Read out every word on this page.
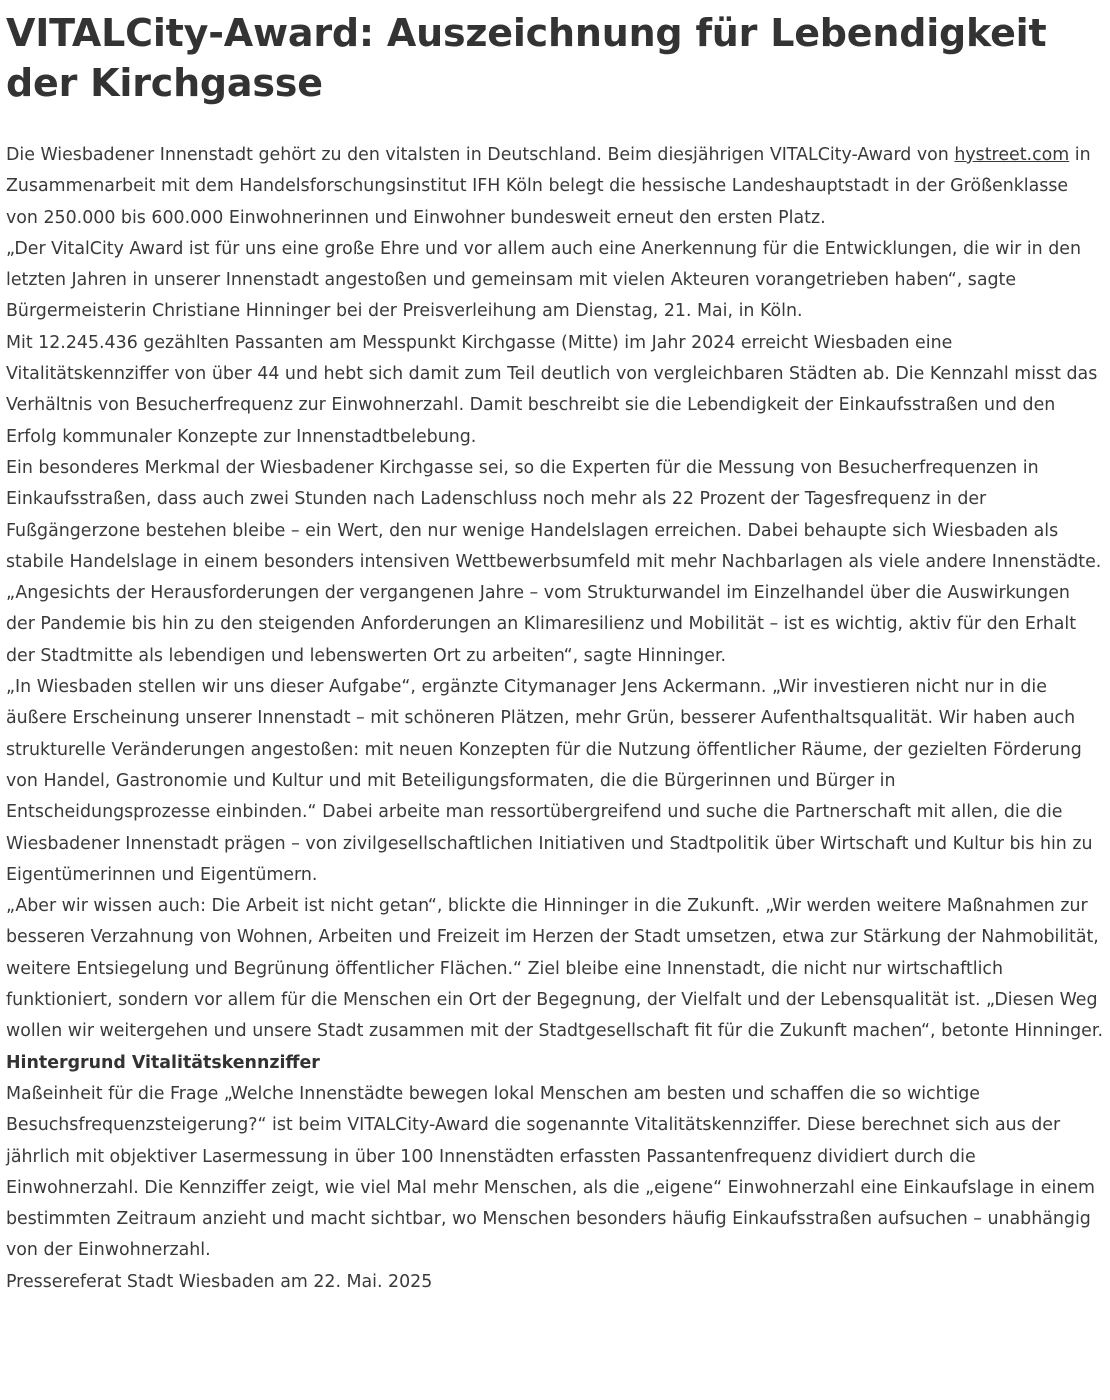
VITALCity-Award: Auszeichnung für Lebendigkeit der Kirchgasse

Die Wiesbadener Innenstadt gehört zu den vitalsten in Deutschland. Beim diesjährigen VITALCity-Award von hystreet.com in Zusammenarbeit mit dem Handelsforschungsinstitut IFH Köln belegt die hessische Landeshauptstadt in der Größenklasse von 250.000 bis 600.000 Einwohnerinnen und Einwohner bundesweit erneut den ersten Platz.

„Der VitalCity Award ist für uns eine große Ehre und vor allem auch eine Anerkennung für die Entwicklungen, die wir in den letzten Jahren in unserer Innenstadt angestoßen und gemeinsam mit vielen Akteuren vorangetrieben haben“, sagte Bürgermeisterin Christiane Hinninger bei der Preisverleihung am Dienstag, 21. Mai, in Köln.

Mit 12.245.436 gezählten Passanten am Messpunkt Kirchgasse (Mitte) im Jahr 2024 erreicht Wiesbaden eine Vitalitätskennziffer von über 44 und hebt sich damit zum Teil deutlich von vergleichbaren Städten ab. Die Kennzahl misst das Verhältnis von Besucherfrequenz zur Einwohnerzahl. Damit beschreibt sie die Lebendigkeit der Einkaufsstraßen und den Erfolg kommunaler Konzepte zur Innenstadtbelebung.

Ein besonderes Merkmal der Wiesbadener Kirchgasse sei, so die Experten für die Messung von Besucherfrequenzen in Einkaufsstraßen, dass auch zwei Stunden nach Ladenschluss noch mehr als 22 Prozent der Tagesfrequenz in der Fußgängerzone bestehen bleibe – ein Wert, den nur wenige Handelslagen erreichen. Dabei behaupte sich Wiesbaden als stabile Handelslage in einem besonders intensiven Wettbewerbsumfeld mit mehr Nachbarlagen als viele andere Innenstädte.

„Angesichts der Herausforderungen der vergangenen Jahre – vom Strukturwandel im Einzelhandel über die Auswirkungen der Pandemie bis hin zu den steigenden Anforderungen an Klimaresilienz und Mobilität – ist es wichtig, aktiv für den Erhalt der Stadtmitte als lebendigen und lebenswerten Ort zu arbeiten“, sagte Hinninger.

„In Wiesbaden stellen wir uns dieser Aufgabe“, ergänzte Citymanager Jens Ackermann. „Wir investieren nicht nur in die äußere Erscheinung unserer Innenstadt – mit schöneren Plätzen, mehr Grün, besserer Aufenthaltsqualität. Wir haben auch strukturelle Veränderungen angestoßen: mit neuen Konzepten für die Nutzung öffentlicher Räume, der gezielten Förderung von Handel, Gastronomie und Kultur und mit Beteiligungsformaten, die die Bürgerinnen und Bürger in Entscheidungsprozesse einbinden.“ Dabei arbeite man ressortübergreifend und suche die Partnerschaft mit allen, die die Wiesbadener Innenstadt prägen – von zivilgesellschaftlichen Initiativen und Stadtpolitik über Wirtschaft und Kultur bis hin zu Eigentümerinnen und Eigentümern.

„Aber wir wissen auch: Die Arbeit ist nicht getan“, blickte die Hinninger in die Zukunft. „Wir werden weitere Maßnahmen zur besseren Verzahnung von Wohnen, Arbeiten und Freizeit im Herzen der Stadt umsetzen, etwa zur Stärkung der Nahmobilität, weitere Entsiegelung und Begrünung öffentlicher Flächen.“ Ziel bleibe eine Innenstadt, die nicht nur wirtschaftlich funktioniert, sondern vor allem für die Menschen ein Ort der Begegnung, der Vielfalt und der Lebensqualität ist. „Diesen Weg wollen wir weitergehen und unsere Stadt zusammen mit der Stadtgesellschaft fit für die Zukunft machen“, betonte Hinninger.

Hintergrund Vitalitätskennziffer

Maßeinheit für die Frage „Welche Innenstädte bewegen lokal Menschen am besten und schaffen die so wichtige Besuchsfrequenzsteigerung?“ ist beim VITALCity-Award die sogenannte Vitalitätskennziffer. Diese berechnet sich aus der jährlich mit objektiver Lasermessung in über 100 Innenstädten erfassten Passantenfrequenz dividiert durch die Einwohnerzahl. Die Kennziffer zeigt, wie viel Mal mehr Menschen, als die „eigene“ Einwohnerzahl eine Einkaufslage in einem bestimmten Zeitraum anzieht und macht sichtbar, wo Menschen besonders häufig Einkaufsstraßen aufsuchen – unabhängig von der Einwohnerzahl.

Pressereferat Stadt Wiesbaden am 22. Mai. 2025
